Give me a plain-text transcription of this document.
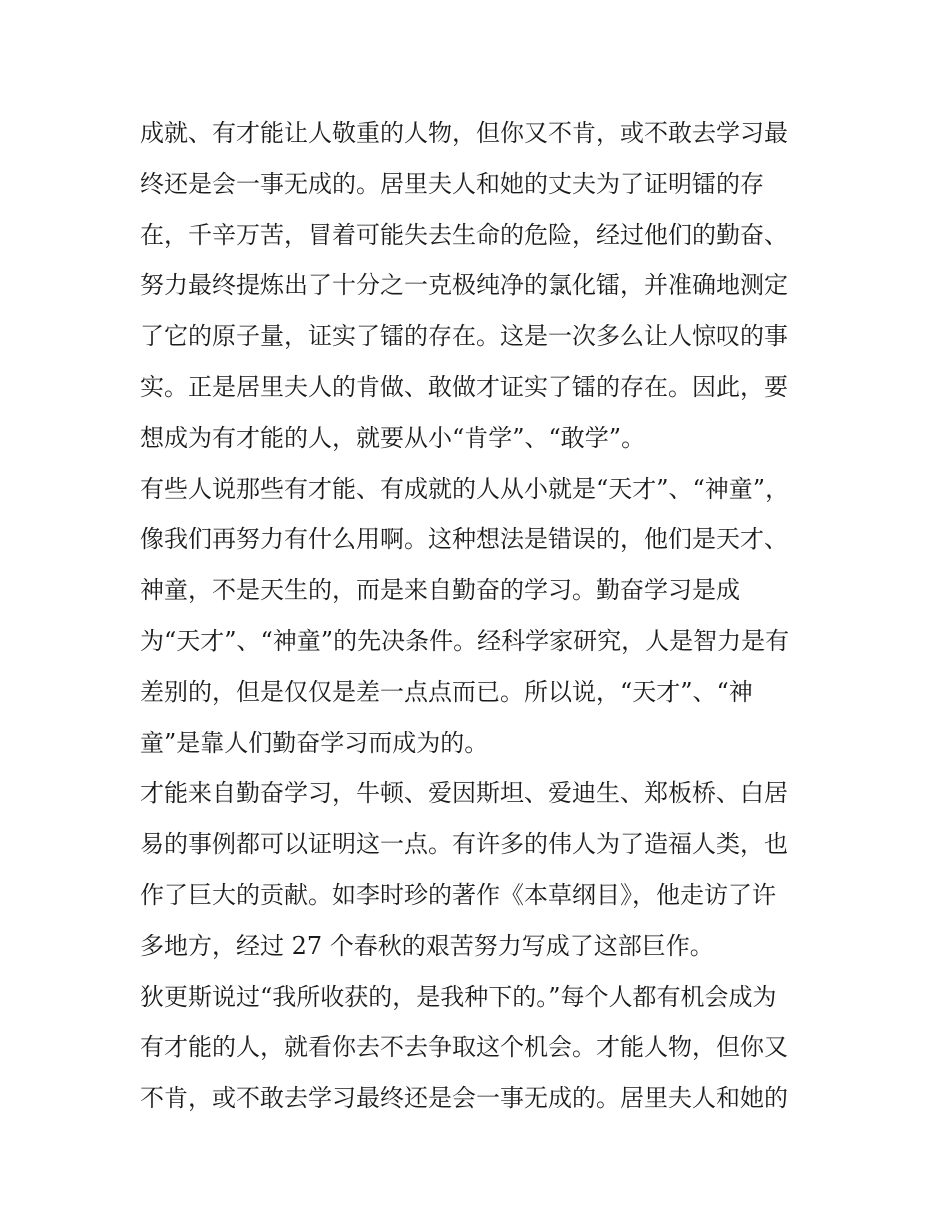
成就、有才能让人敬重的人物，但你又不肯，或不敢去学习最
终还是会一事无成的。居里夫人和她的丈夫为了证明镭的存
在，千辛万苦，冒着可能失去生命的危险，经过他们的勤奋、
努力最终提炼出了十分之一克极纯净的氯化镭，并准确地测定
了它的原子量，证实了镭的存在。这是一次多么让人惊叹的事
实。正是居里夫人的肯做、敢做才证实了镭的存在。因此，要
想成为有才能的人，就要从小“肯学”、“敢学”。
有些人说那些有才能、有成就的人从小就是“天才”、“神童”，
像我们再努力有什么用啊。这种想法是错误的，他们是天才、
神童，不是天生的，而是来自勤奋的学习。勤奋学习是成
为“天才”、“神童”的先决条件。经科学家研究，人是智力是有
差别的，但是仅仅是差一点点而已。所以说，“天才”、“神
童”是靠人们勤奋学习而成为的。
才能来自勤奋学习，牛顿、爱因斯坦、爱迪生、郑板桥、白居
易的事例都可以证明这一点。有许多的伟人为了造福人类，也
作了巨大的贡献。如李时珍的著作《本草纲目》，他走访了许
多地方，经过 27 个春秋的艰苦努力写成了这部巨作。
狄更斯说过“我所收获的，是我种下的。”每个人都有机会成为
有才能的人，就看你去不去争取这个机会。才能人物，但你又
不肯，或不敢去学习最终还是会一事无成的。居里夫人和她的
